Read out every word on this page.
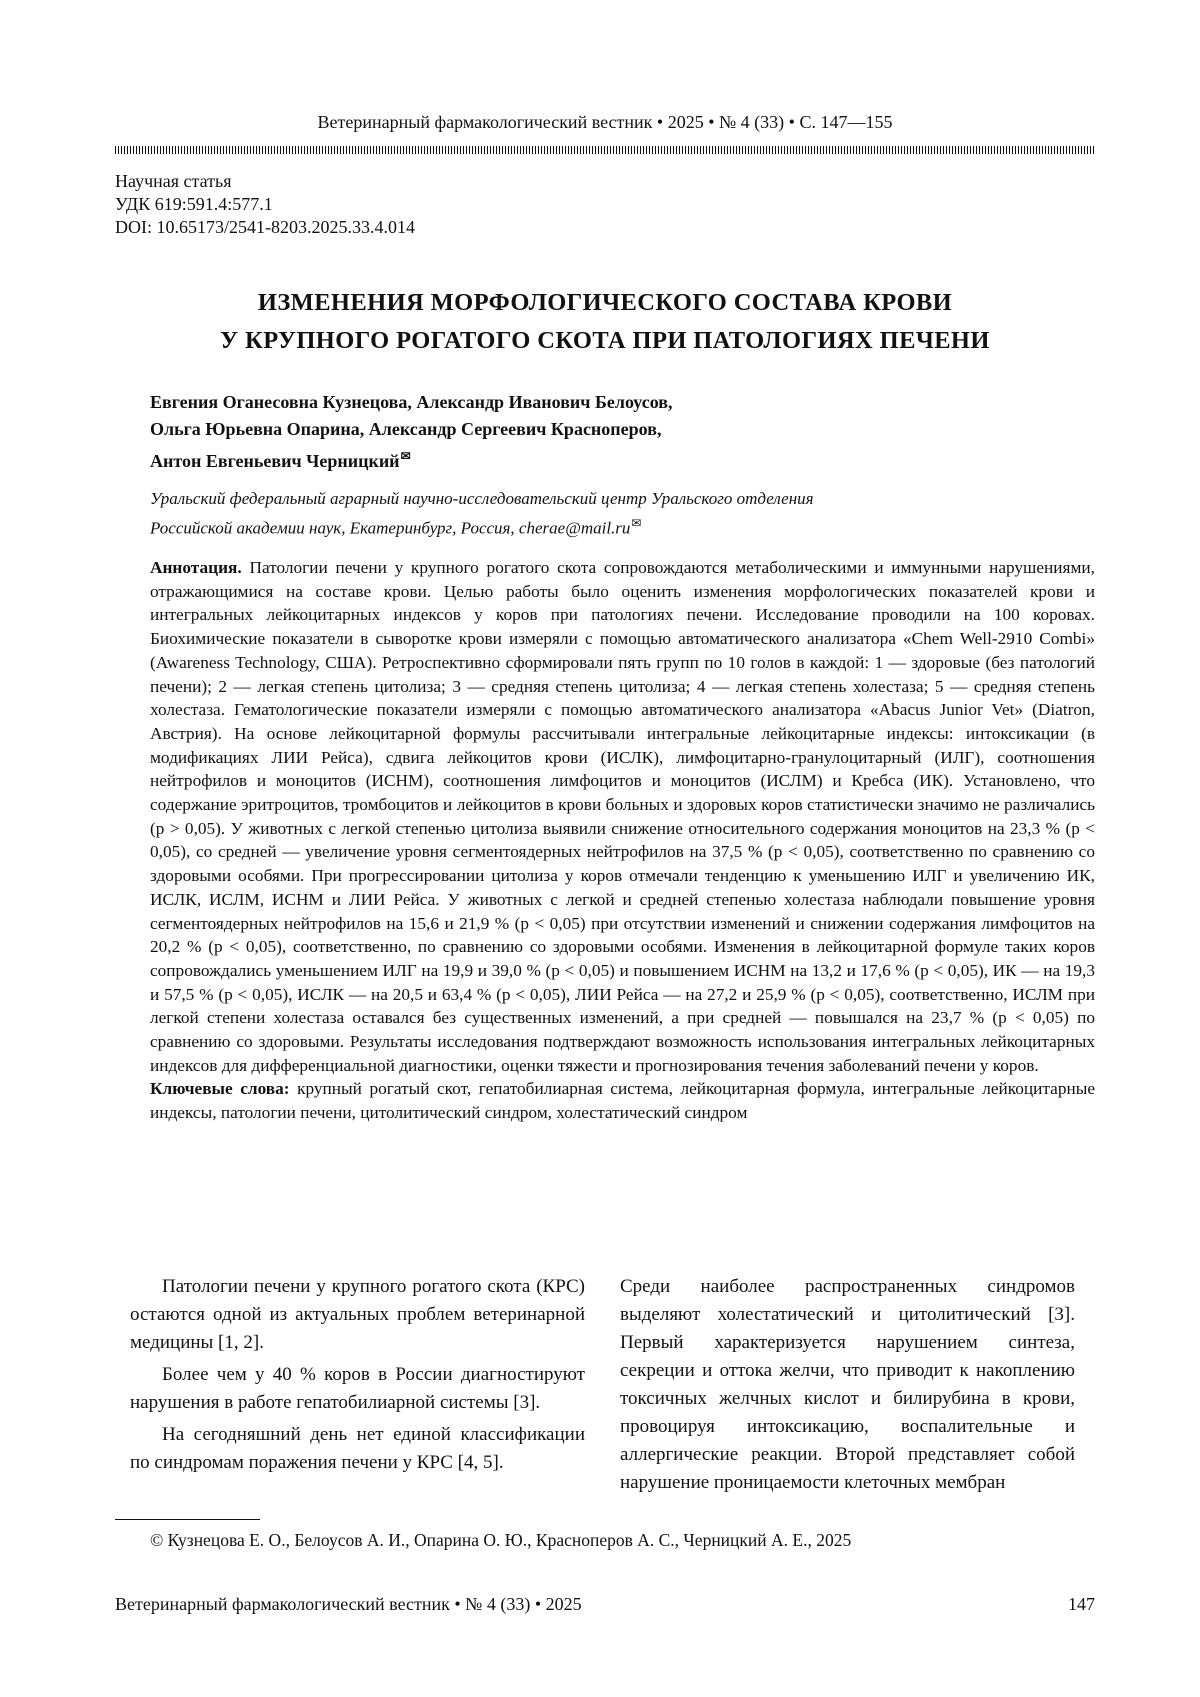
Ветеринарный фармакологический вестник • 2025 • № 4 (33) • С. 147—155
Научная статья
УДК 619:591.4:577.1
DOI: 10.65173/2541-8203.2025.33.4.014
ИЗМЕНЕНИЯ МОРФОЛОГИЧЕСКОГО СОСТАВА КРОВИ
У КРУПНОГО РОГАТОГО СКОТА ПРИ ПАТОЛОГИЯХ ПЕЧЕНИ
Евгения Оганесовна Кузнецова, Александр Иванович Белоусов,
Ольга Юрьевна Опарина, Александр Сергеевич Красноперов,
Антон Евгеньевич Черницкий✉
Уральский федеральный аграрный научно-исследовательский центр Уральского отделения
Российской академии наук, Екатеринбург, Россия, cherae@mail.ru✉

Аннотация. Патологии печени у крупного рогатого скота сопровождаются метаболическими и иммунными нарушениями, отражающимися на составе крови. Целью работы было оценить изменения морфологических показателей крови и интегральных лейкоцитарных индексов у коров при патологиях печени. Исследование проводили на 100 коровах. Биохимические показатели в сыворотке крови измеряли с помощью автоматического анализатора «Chem Well-2910 Combi» (Awareness Technology, США). Ретроспективно сформировали пять групп по 10 голов в каждой: 1 — здоровые (без патологий печени); 2 — легкая степень цитолиза; 3 — средняя степень цитолиза; 4 — легкая степень холестаза; 5 — средняя степень холестаза. Гематологические показатели измеряли с помощью автоматического анализатора «Abacus Junior Vet» (Diatron, Австрия). На основе лейкоцитарной формулы рассчитывали интегральные лейкоцитарные индексы: интоксикации (в модификациях ЛИИ Рейса), сдвига лейкоцитов крови (ИСЛК), лимфоцитарно-гранулоцитарный (ИЛГ), соотношения нейтрофилов и моноцитов (ИСНМ), соотношения лимфоцитов и моноцитов (ИСЛМ) и Кребса (ИК). Установлено, что содержание эритроцитов, тромбоцитов и лейкоцитов в крови больных и здоровых коров статистически значимо не различались (p > 0,05). У животных с легкой степенью цитолиза выявили снижение относительного содержания моноцитов на 23,3 % (p < 0,05), со средней — увеличение уровня сегментоядерных нейтрофилов на 37,5 % (p < 0,05), соответственно по сравнению со здоровыми особями. При прогрессировании цитолиза у коров отмечали тенденцию к уменьшению ИЛГ и увеличению ИК, ИСЛК, ИСЛМ, ИСНМ и ЛИИ Рейса. У животных с легкой и средней степенью холестаза наблюдали повышение уровня сегментоядерных нейтрофилов на 15,6 и 21,9 % (p < 0,05) при отсутствии изменений и снижении содержания лимфоцитов на 20,2 % (p < 0,05), соответственно, по сравнению со здоровыми особями. Изменения в лейкоцитарной формуле таких коров сопровождались уменьшением ИЛГ на 19,9 и 39,0 % (p < 0,05) и повышением ИСНМ на 13,2 и 17,6 % (p < 0,05), ИК — на 19,3 и 57,5 % (p < 0,05), ИСЛК — на 20,5 и 63,4 % (p < 0,05), ЛИИ Рейса — на 27,2 и 25,9 % (p < 0,05), соответственно, ИСЛМ при легкой степени холестаза оставался без существенных изменений, а при средней — повышался на 23,7 % (p < 0,05) по сравнению со здоровыми. Результаты исследования подтверждают возможность использования интегральных лейкоцитарных индексов для дифференциальной диагностики, оценки тяжести и прогнозирования течения заболеваний печени у коров.

Ключевые слова: крупный рогатый скот, гепатобилиарная система, лейкоцитарная формула, интегральные лейкоцитарные индексы, патологии печени, цитолитический синдром, холестатический синдром

Патологии печени у крупного рогатого скота (КРС) остаются одной из актуальных проблем ветеринарной медицины [1, 2].

Более чем у 40 % коров в России диагностируют нарушения в работе гепатобилиарной системы [3].

На сегодняшний день нет единой классификации по синдромам поражения печени у КРС [4, 5].

Среди наиболее распространенных синдромов выделяют холестатический и цитолитический [3]. Первый характеризуется нарушением синтеза, секреции и оттока желчи, что приводит к накоплению токсичных желчных кислот и билирубина в крови, провоцируя интоксикацию, воспалительные и аллергические реакции. Второй представляет собой нарушение проницаемости клеточных мембран

© Кузнецова Е. О., Белоусов А. И., Опарина О. Ю., Красноперов А. С., Черницкий А. Е., 2025
Ветеринарный фармакологический вестник • № 4 (33) • 2025	147
